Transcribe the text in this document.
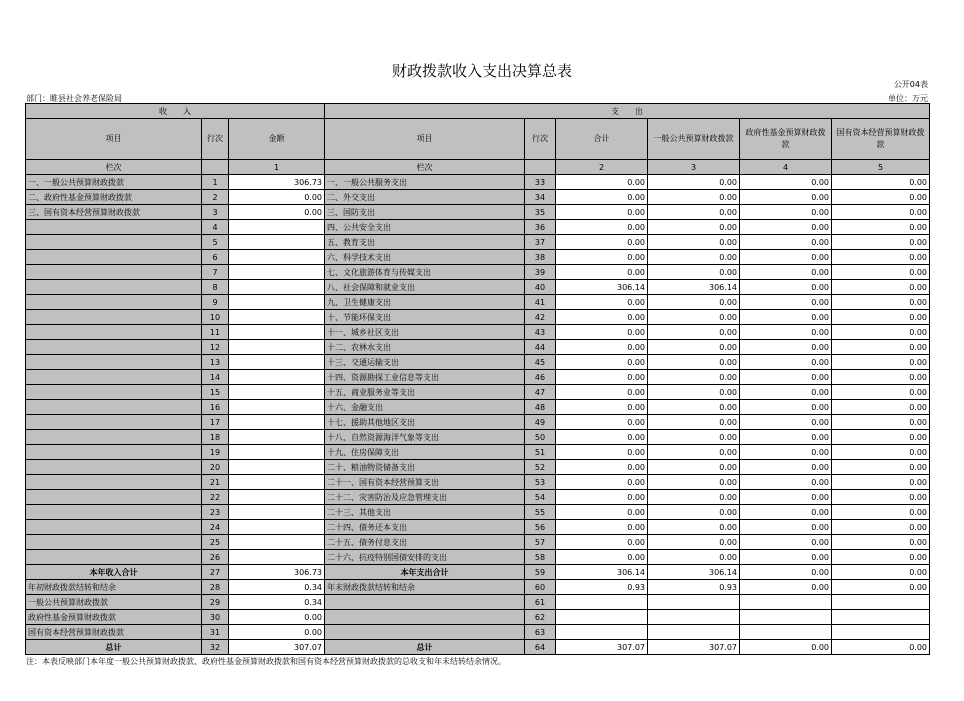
财政拨款收入支出决算总表
公开04表
部门：睢县社会养老保险局	单位：万元
收　　入			支　　出					
项目	行次	金额	项目	行次	合计	一般公共预算财政拨款	政府性基金预算财政拨款	国有资本经营预算财政拨款
栏次		1	栏次		2	3	4	5
一、一般公共预算财政拨款	1	306.73	一、一般公共服务支出	33	0.00	0.00	0.00	0.00
二、政府性基金预算财政拨款	2	0.00	二、外交支出	34	0.00	0.00	0.00	0.00
三、国有资本经营预算财政拨款	3	0.00	三、国防支出	35	0.00	0.00	0.00	0.00
	4		四、公共安全支出	36	0.00	0.00	0.00	0.00
	5		五、教育支出	37	0.00	0.00	0.00	0.00
	6		六、科学技术支出	38	0.00	0.00	0.00	0.00
	7		七、文化旅游体育与传媒支出	39	0.00	0.00	0.00	0.00
	8		八、社会保障和就业支出	40	306.14	306.14	0.00	0.00
	9		九、卫生健康支出	41	0.00	0.00	0.00	0.00
	10		十、节能环保支出	42	0.00	0.00	0.00	0.00
	11		十一、城乡社区支出	43	0.00	0.00	0.00	0.00
	12		十二、农林水支出	44	0.00	0.00	0.00	0.00
	13		十三、交通运输支出	45	0.00	0.00	0.00	0.00
	14		十四、资源勘探工业信息等支出	46	0.00	0.00	0.00	0.00
	15		十五、商业服务业等支出	47	0.00	0.00	0.00	0.00
	16		十六、金融支出	48	0.00	0.00	0.00	0.00
	17		十七、援助其他地区支出	49	0.00	0.00	0.00	0.00
	18		十八、自然资源海洋气象等支出	50	0.00	0.00	0.00	0.00
	19		十九、住房保障支出	51	0.00	0.00	0.00	0.00
	20		二十、粮油物资储备支出	52	0.00	0.00	0.00	0.00
	21		二十一、国有资本经营预算支出	53	0.00	0.00	0.00	0.00
	22		二十二、灾害防治及应急管理支出	54	0.00	0.00	0.00	0.00
	23		二十三、其他支出	55	0.00	0.00	0.00	0.00
	24		二十四、债务还本支出	56	0.00	0.00	0.00	0.00
	25		二十五、债务付息支出	57	0.00	0.00	0.00	0.00
	26		二十六、抗疫特别国债安排的支出	58	0.00	0.00	0.00	0.00
本年收入合计	27	306.73	本年支出合计	59	306.14	306.14	0.00	0.00
年初财政拨款结转和结余	28	0.34	年末财政拨款结转和结余	60	0.93	0.93	0.00	0.00
一般公共预算财政拨款	29	0.34		61				
政府性基金预算财政拨款	30	0.00		62				
国有资本经营预算财政拨款	31	0.00		63				
总计	32	307.07	总计	64	307.07	307.07	0.00	0.00
注：本表反映部门本年度一般公共预算财政拨款、政府性基金预算财政拨款和国有资本经营预算财政拨款的总收支和年末结转结余情况。
